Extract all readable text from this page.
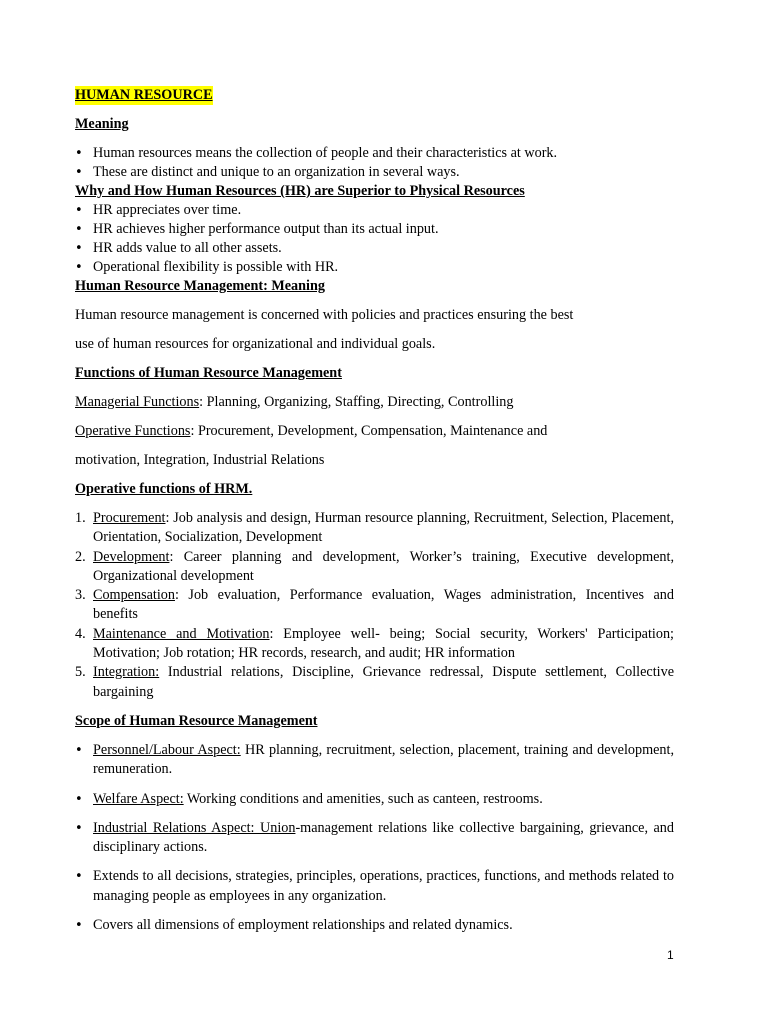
HUMAN RESOURCE
Meaning
• Human resources means the collection of people and their characteristics at work.
• These are distinct and unique to an organization in several ways.
Why and How Human Resources (HR) are Superior to Physical Resources
• HR appreciates over time.
• HR achieves higher performance output than its actual input.
• HR adds value to all other assets.
• Operational flexibility is possible with HR.
Human Resource Management: Meaning

Human resource management is concerned with policies and practices ensuring the best

use of human resources for organizational and individual goals.

Functions of Human Resource Management

Managerial Functions: Planning, Organizing, Staffing, Directing, Controlling

Operative Functions: Procurement, Development, Compensation, Maintenance and

motivation, Integration, Industrial Relations

Operative functions of HRM.
1. Procurement: Job analysis and design, Hurman resource planning, Recruitment, Selection, Placement, Orientation, Socialization, Development
2. Development: Career planning and development, Worker’s training, Executive development, Organizational development
3. Compensation: Job evaluation, Performance evaluation, Wages administration, Incentives and benefits
4. Maintenance and Motivation: Employee well- being; Social security, Workers' Participation; Motivation; Job rotation; HR records, research, and audit; HR information
5. Integration: Industrial relations, Discipline, Grievance redressal, Dispute settlement, Collective bargaining
Scope of Human Resource Management
• Personnel/Labour Aspect: HR planning, recruitment, selection, placement, training and development, remuneration.
• Welfare Aspect: Working conditions and amenities, such as canteen, restrooms.
• Industrial Relations Aspect: Union-management relations like collective bargaining, grievance, and disciplinary actions.
• Extends to all decisions, strategies, principles, operations, practices, functions, and methods related to managing people as employees in any organization.
• Covers all dimensions of employment relationships and related dynamics.
1
